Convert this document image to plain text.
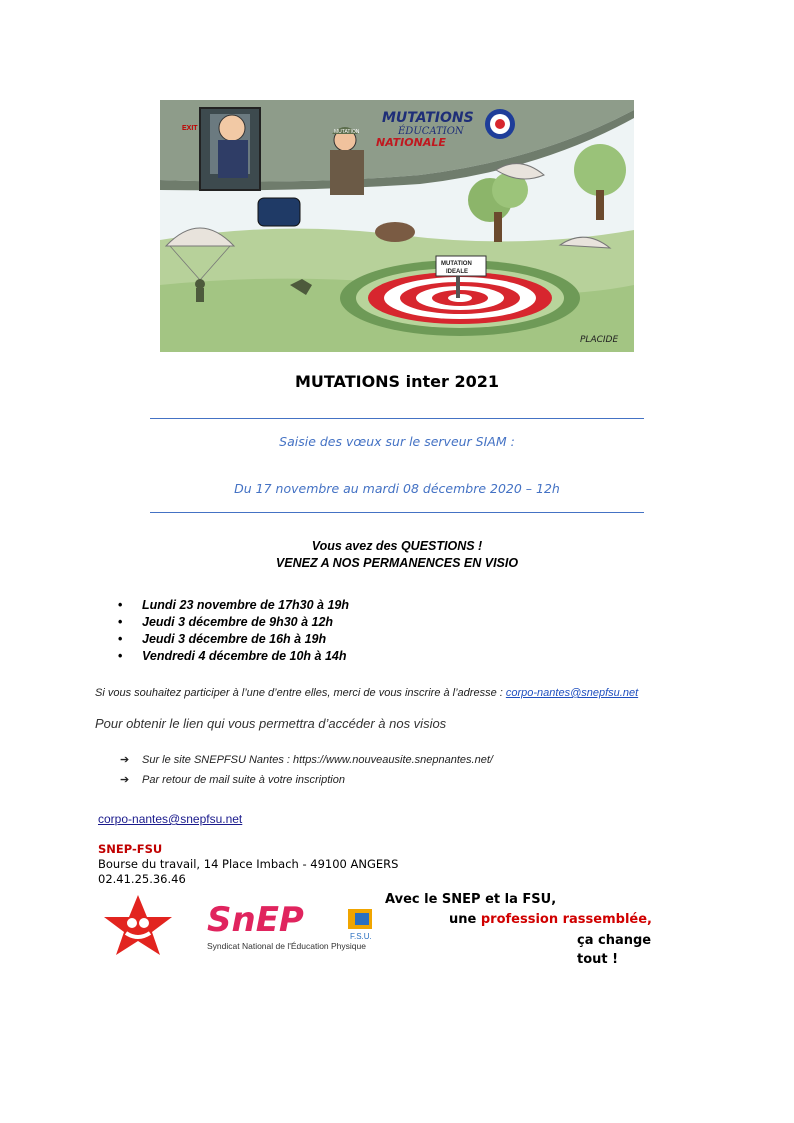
EXIT	MUTATION
MUTATIONS
ÉDUCATION
NATIONALE
MUTATION
IDEALE
PLACIDE
MUTATIONS inter 2021
Saisie des vœux sur le serveur SIAM :
Du 17 novembre au mardi 08 décembre 2020 – 12h
Vous avez des QUESTIONS !
VENEZ A NOS PERMANENCES EN VISIO
• Lundi 23 novembre de 17h30 à 19h
• Jeudi 3 décembre de 9h30 à 12h
• Jeudi 3 décembre de 16h à 19h
• Vendredi 4 décembre de 10h à 14h
Si vous souhaitez participer à l’une d’entre elles, merci de vous inscrire à l’adresse : corpo-nantes@snepfsu.net
Pour obtenir le lien qui vous permettra d’accéder à nos visios
➔ Sur le site SNEPFSU Nantes : https://www.nouveausite.snepnantes.net/
➔ Par retour de mail suite à votre inscription
corpo-nantes@snepfsu.net
SNEP-FSU
Bourse du travail, 14 Place Imbach - 49100 ANGERS
02.41.25.36.46
SnEP	F.S.U.
Syndicat National de l'Éducation Physique
Avec le SNEP et la FSU,
une profession rassemblée,
ça change tout !
